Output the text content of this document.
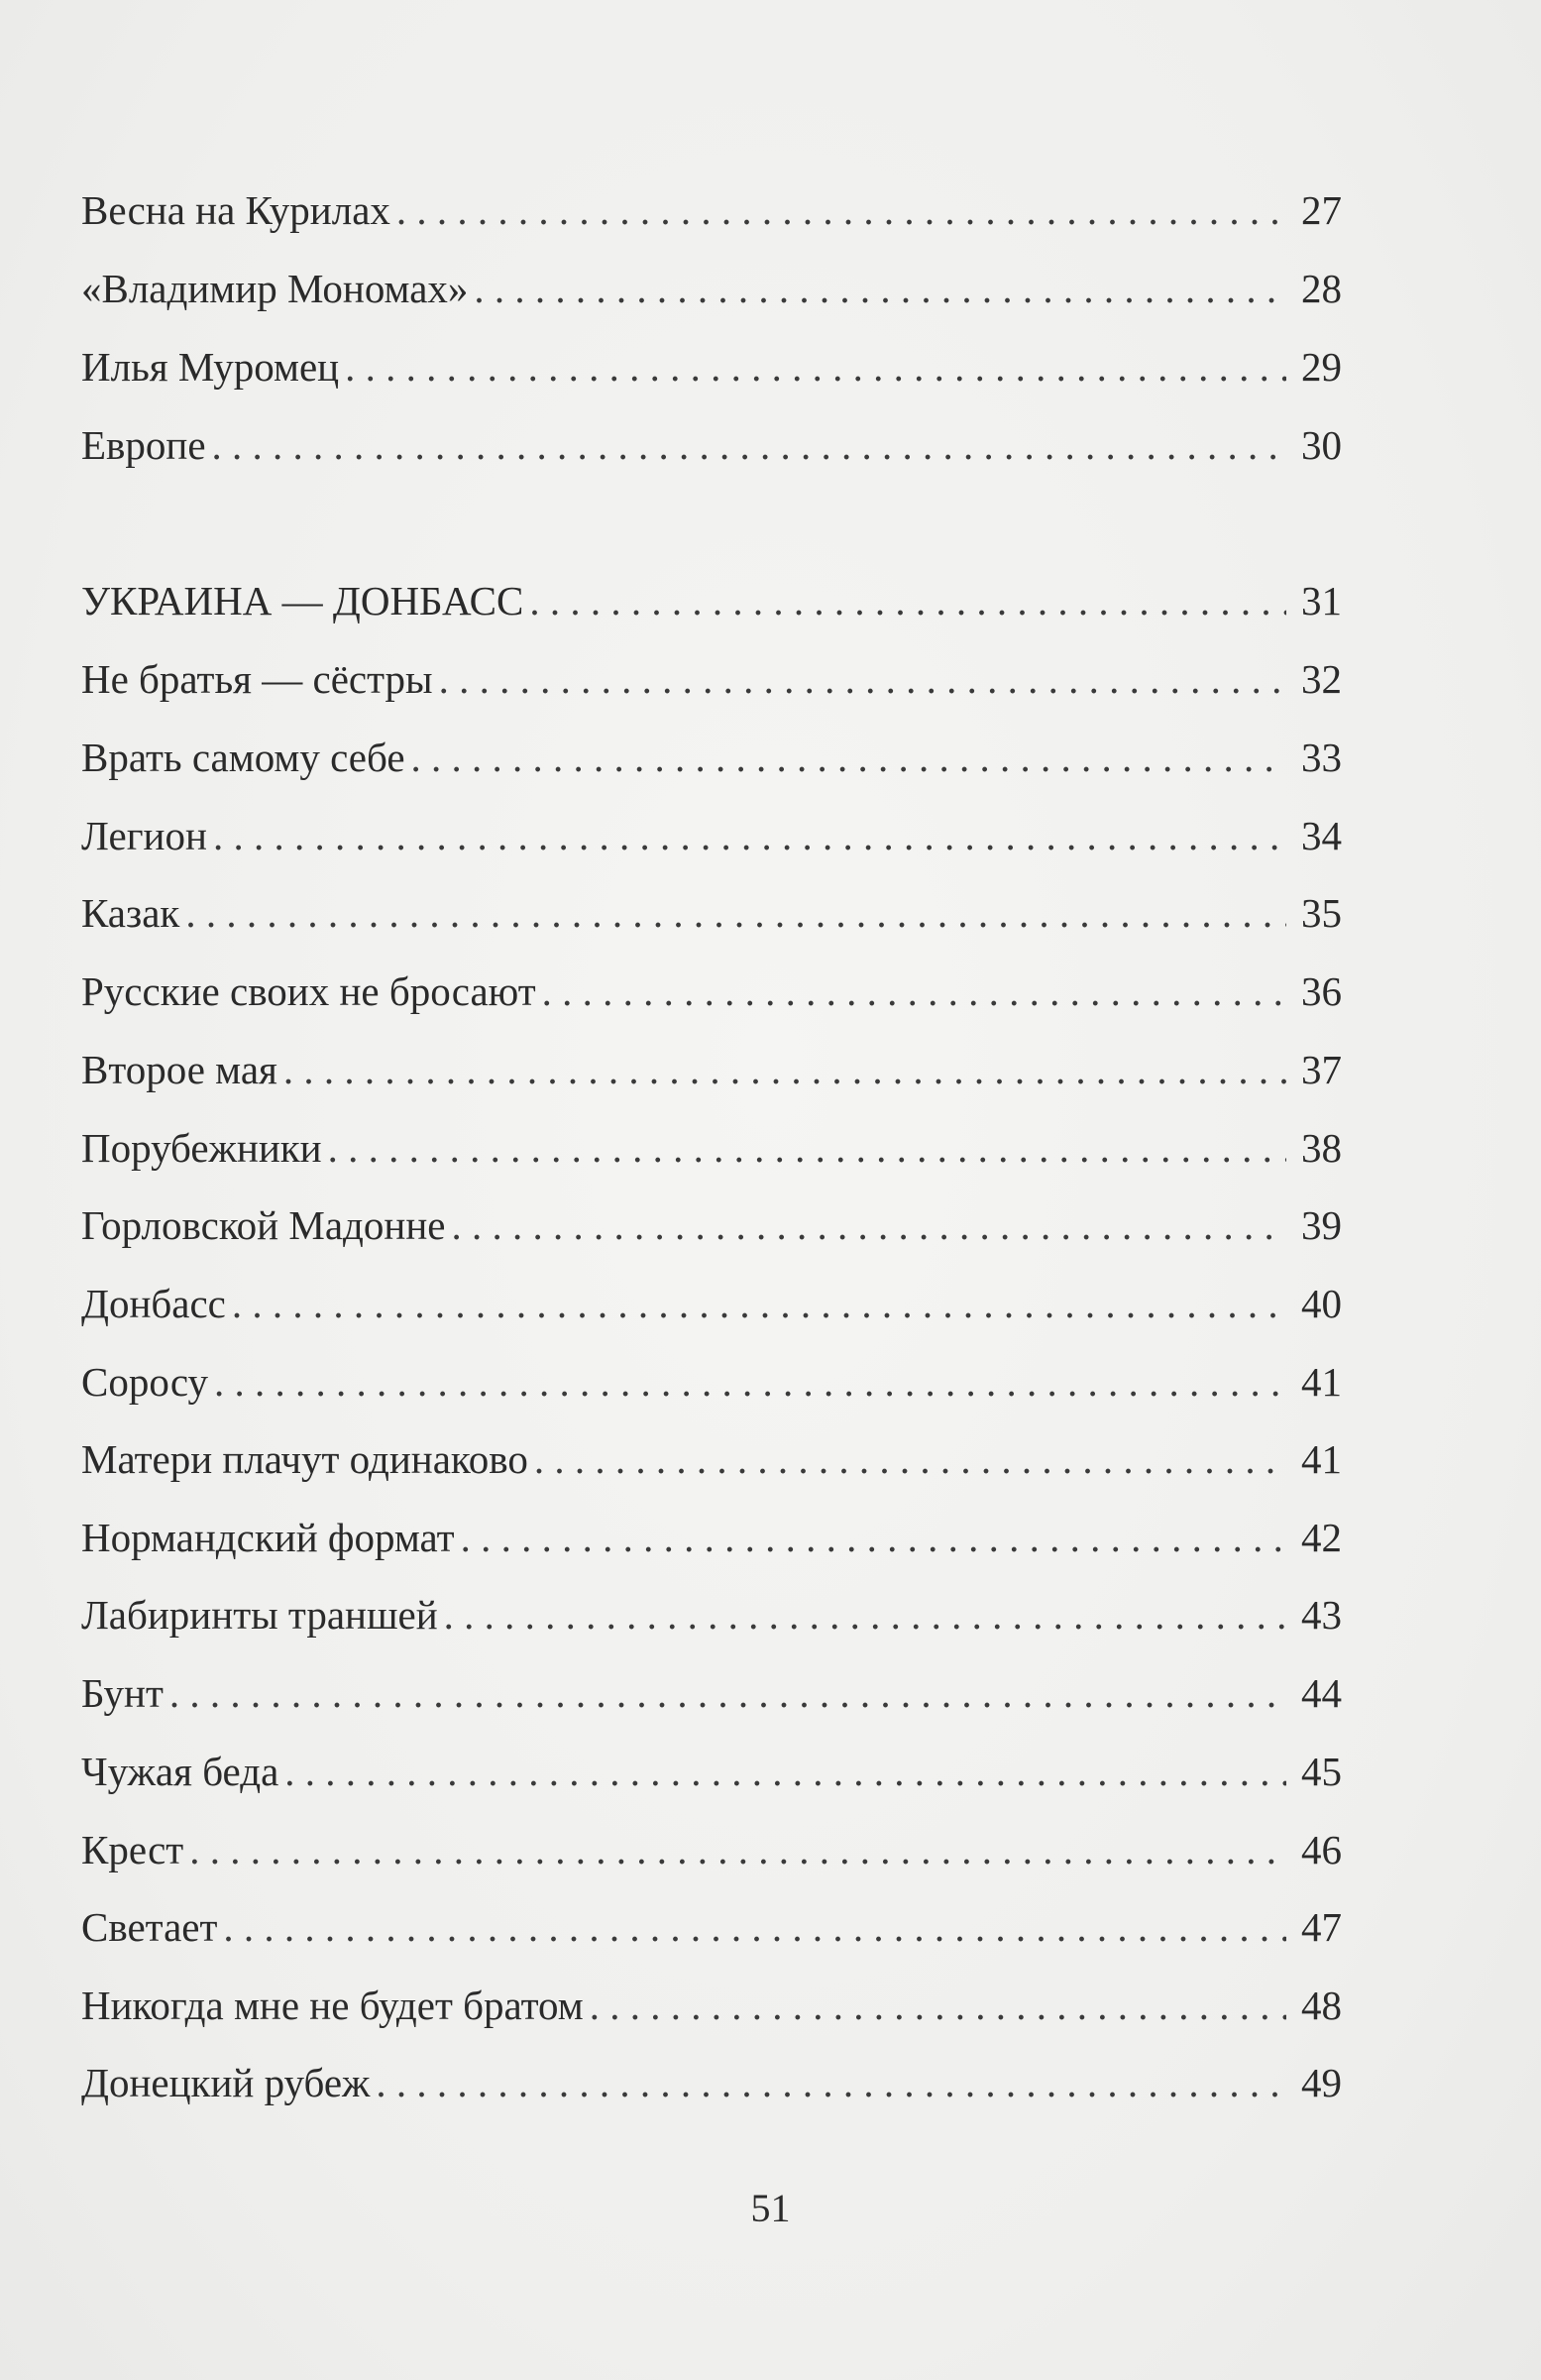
Весна на Курилах . . .	27
«Владимир Мономах» . . .	28
Илья Муромец . . .	29
Европе . . .	30
УКРАИНА — ДОНБАСС . . .	31
Не братья — сёстры . . .	32
Врать самому себе . . .	33
Легион . . .	34
Казак . . .	35
Русские своих не бросают . . .	36
Второе мая . . .	37
Порубежники . . .	38
Горловской Мадонне . . .	39
Донбасс . . .	40
Соросу . . .	41
Матери плачут одинаково . . .	41
Нормандский формат . . .	42
Лабиринты траншей . . .	43
Бунт . . .	44
Чужая беда . . .	45
Крест . . .	46
Светает . . .	47
Никогда мне не будет братом . . .	48
Донецкий рубеж . . .	49
51
